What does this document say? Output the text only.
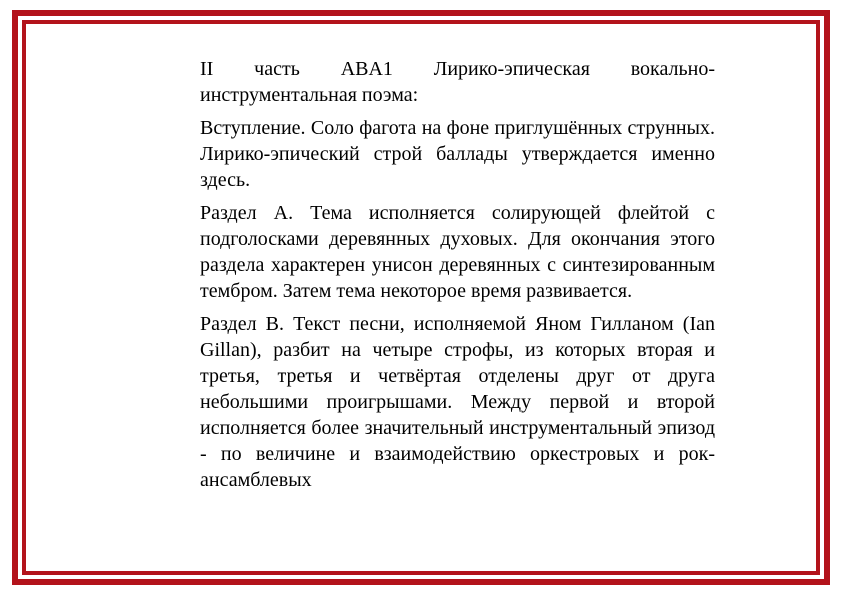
II часть ABA1 Лирико-эпическая вокально-инструментальная поэма:

Вступление. Соло фагота на фоне приглушённых струнных. Лирико-эпический строй баллады утверждается именно здесь.

Раздел А. Тема исполняется солирующей флейтой с подголосками деревянных духовых. Для окончания этого раздела характерен унисон деревянных с синтезированным тембром. Затем тема некоторое время развивается.

Раздел В. Текст песни, исполняемой Яном Гилланом (Ian Gillan), разбит на четыре строфы, из которых вторая и третья, третья и четвёртая отделены друг от друга небольшими проигрышами. Между первой и второй исполняется более значительный инструментальный эпизод - по величине и взаимодействию оркестровых и рок-ансамблевых
